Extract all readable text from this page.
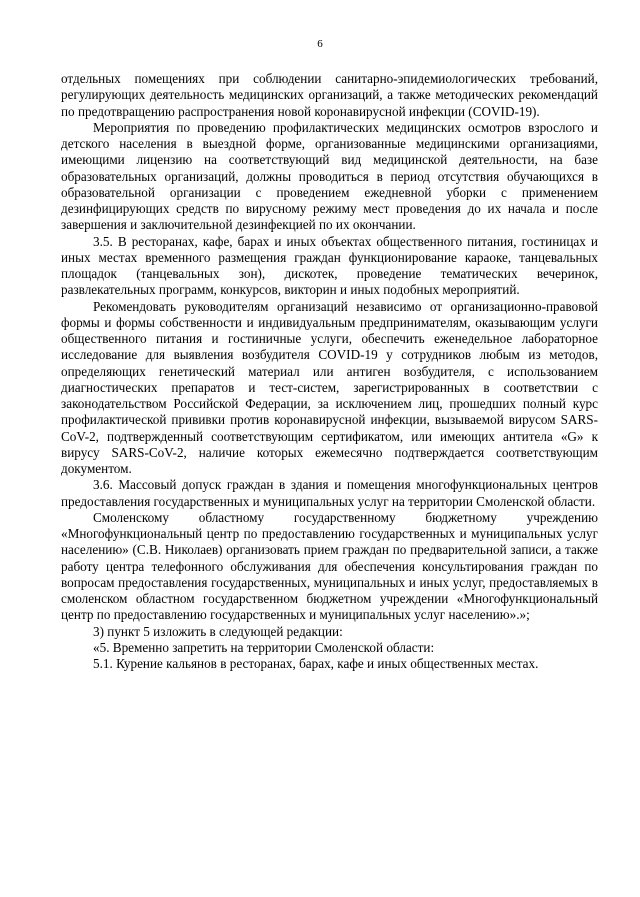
6

отдельных помещениях при соблюдении санитарно-эпидемиологических требований, регулирующих деятельность медицинских организаций, а также методических рекомендаций по предотвращению распространения новой коронавирусной инфекции (COVID-19).

Мероприятия по проведению профилактических медицинских осмотров взрослого и детского населения в выездной форме, организованные медицинскими организациями, имеющими лицензию на соответствующий вид медицинской деятельности, на базе образовательных организаций, должны проводиться в период отсутствия обучающихся в образовательной организации с проведением ежедневной уборки с применением дезинфицирующих средств по вирусному режиму мест проведения до их начала и после завершения и заключительной дезинфекцией по их окончании.

3.5. В ресторанах, кафе, барах и иных объектах общественного питания, гостиницах и иных местах временного размещения граждан функционирование караоке, танцевальных площадок (танцевальных зон), дискотек, проведение тематических вечеринок, развлекательных программ, конкурсов, викторин и иных подобных мероприятий.

Рекомендовать руководителям организаций независимо от организационно-правовой формы и формы собственности и индивидуальным предпринимателям, оказывающим услуги общественного питания и гостиничные услуги, обеспечить еженедельное лабораторное исследование для выявления возбудителя COVID-19 у сотрудников любым из методов, определяющих генетический материал или антиген возбудителя, с использованием диагностических препаратов и тест-систем, зарегистрированных в соответствии с законодательством Российской Федерации, за исключением лиц, прошедших полный курс профилактической прививки против коронавирусной инфекции, вызываемой вирусом SARS-CoV-2, подтвержденный соответствующим сертификатом, или имеющих антитела «G» к вирусу SARS-CoV-2, наличие которых ежемесячно подтверждается соответствующим документом.

3.6. Массовый допуск граждан в здания и помещения многофункциональных центров предоставления государственных и муниципальных услуг на территории Смоленской области.

Смоленскому областному государственному бюджетному учреждению «Многофункциональный центр по предоставлению государственных и муниципальных услуг населению» (С.В. Николаев) организовать прием граждан по предварительной записи, а также работу центра телефонного обслуживания для обеспечения консультирования граждан по вопросам предоставления государственных, муниципальных и иных услуг, предоставляемых в смоленском областном государственном бюджетном учреждении «Многофункциональный центр по предоставлению государственных и муниципальных услуг населению».»;

3) пункт 5 изложить в следующей редакции:

«5. Временно запретить на территории Смоленской области:

5.1. Курение кальянов в ресторанах, барах, кафе и иных общественных местах.
